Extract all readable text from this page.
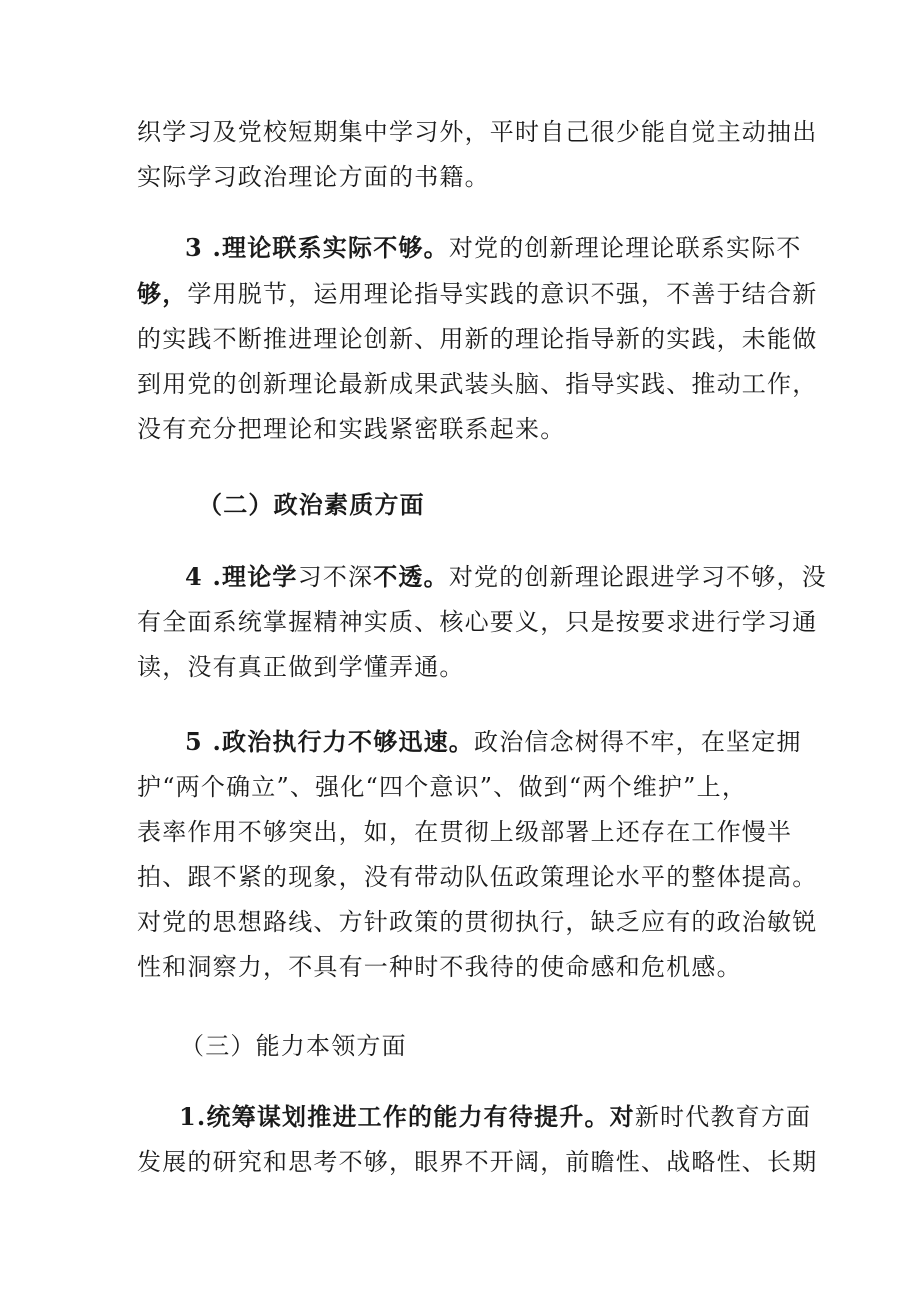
织学习及党校短期集中学习外，平时自己很少能自觉主动抽出
实际学习政治理论方面的书籍。

3 .理论联系实际不够。对党的创新理论理论联系实际不
够，学用脱节，运用理论指导实践的意识不强，不善于结合新
的实践不断推进理论创新、用新的理论指导新的实践，未能做
到用党的创新理论最新成果武装头脑、指导实践、推动工作，
没有充分把理论和实践紧密联系起来。

（二）政治素质方面

4 .理论学习不深不透。对党的创新理论跟进学习不够，没
有全面系统掌握精神实质、核心要义，只是按要求进行学习通
读，没有真正做到学懂弄通。

5 .政治执行力不够迅速。政治信念树得不牢，在坚定拥
护“两个确立”、强化“四个意识”、做到“两个维护”上，
表率作用不够突出，如，在贯彻上级部署上还存在工作慢半
拍、跟不紧的现象，没有带动队伍政策理论水平的整体提高。
对党的思想路线、方针政策的贯彻执行，缺乏应有的政治敏锐
性和洞察力，不具有一种时不我待的使命感和危机感。

（三）能力本领方面

1.统筹谋划推进工作的能力有待提升。对新时代教育方面
发展的研究和思考不够，眼界不开阔，前瞻性、战略性、长期
